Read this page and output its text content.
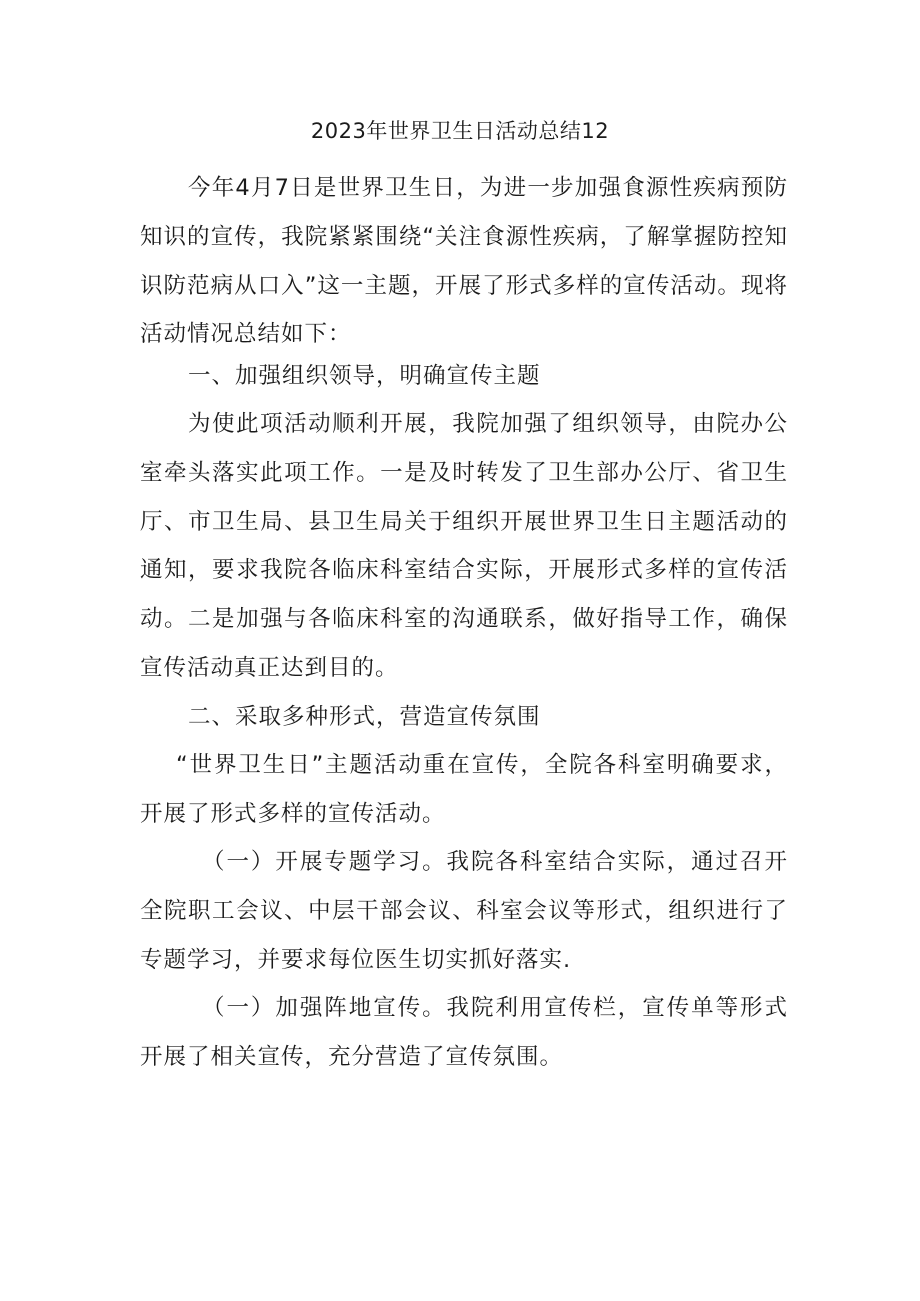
2023年世界卫生日活动总结12

今年4月7日是世界卫生日，为进一步加强食源性疾病预防知识的宣传，我院紧紧围绕“关注食源性疾病，了解掌握防控知识防范病从口入”这一主题，开展了形式多样的宣传活动。现将活动情况总结如下：

一、加强组织领导，明确宣传主题

为使此项活动顺利开展，我院加强了组织领导，由院办公室牵头落实此项工作。一是及时转发了卫生部办公厅、省卫生厅、市卫生局、县卫生局关于组织开展世界卫生日主题活动的通知，要求我院各临床科室结合实际，开展形式多样的宣传活动。二是加强与各临床科室的沟通联系，做好指导工作，确保宣传活动真正达到目的。

二、采取多种形式，营造宣传氛围

“世界卫生日”主题活动重在宣传，全院各科室明确要求，开展了形式多样的宣传活动。

（一）开展专题学习。我院各科室结合实际，通过召开全院职工会议、中层干部会议、科室会议等形式，组织进行了专题学习，并要求每位医生切实抓好落实.

（一）加强阵地宣传。我院利用宣传栏，宣传单等形式开展了相关宣传，充分营造了宣传氛围。
